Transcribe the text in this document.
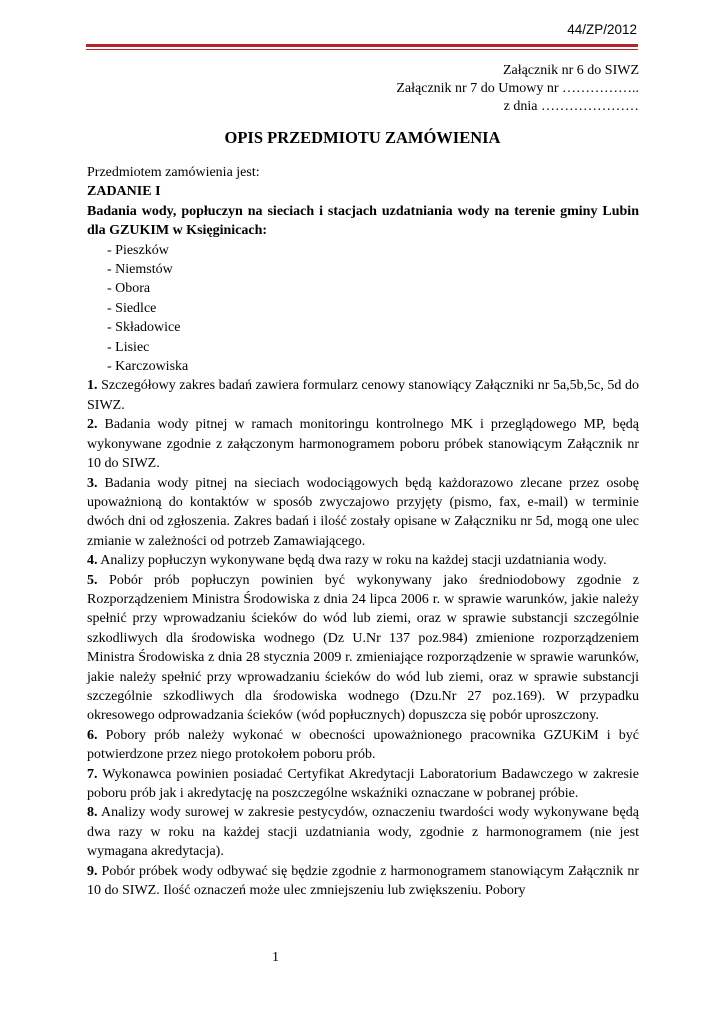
44/ZP/2012
Załącznik nr 6 do SIWZ
Załącznik nr 7 do Umowy nr ……………..
z dnia …………………
OPIS PRZEDMIOTU ZAMÓWIENIA

Przedmiotem zamówienia jest:

ZADANIE I

Badania wody, popłuczyn na sieciach i stacjach uzdatniania wody na terenie gminy Lubin dla GZUKIM w Księginicach:

- Pieszków
- Niemstów
- Obora
- Siedlce
- Składowice
- Lisiec
- Karczowiska

1. Szczegółowy zakres badań zawiera formularz cenowy stanowiący Załączniki nr 5a,5b,5c, 5d do SIWZ.

2. Badania wody pitnej w ramach monitoringu kontrolnego MK i przeglądowego MP, będą wykonywane zgodnie z załączonym harmonogramem poboru próbek stanowiącym Załącznik nr 10 do SIWZ.

3. Badania wody pitnej na sieciach wodociągowych będą każdorazowo zlecane przez osobę upoważnioną do kontaktów w sposób zwyczajowo przyjęty (pismo, fax, e-mail) w terminie dwóch dni od zgłoszenia. Zakres badań i ilość zostały opisane w Załączniku nr 5d, mogą one ulec zmianie w zależności od potrzeb Zamawiającego.

4. Analizy popłuczyn wykonywane będą dwa razy w roku na każdej stacji uzdatniania wody.

5. Pobór prób popłuczyn powinien być wykonywany jako średniodobowy zgodnie z Rozporządzeniem Ministra Środowiska z dnia 24 lipca 2006 r. w sprawie warunków, jakie należy spełnić przy wprowadzaniu ścieków do wód lub ziemi, oraz w sprawie substancji szczególnie szkodliwych dla środowiska wodnego (Dz U.Nr 137 poz.984) zmienione rozporządzeniem Ministra Środowiska z dnia 28 stycznia 2009 r. zmieniające rozporządzenie w sprawie warunków, jakie należy spełnić przy wprowadzaniu ścieków do wód lub ziemi, oraz w sprawie substancji szczególnie szkodliwych dla środowiska wodnego (Dzu.Nr 27 poz.169). W przypadku okresowego odprowadzania ścieków (wód popłucznych) dopuszcza się pobór uproszczony.

6. Pobory prób należy wykonać w obecności upoważnionego pracownika GZUKiM i być potwierdzone przez niego protokołem poboru prób.

7. Wykonawca powinien posiadać Certyfikat Akredytacji Laboratorium Badawczego w zakresie poboru prób jak i akredytację na poszczególne wskaźniki oznaczane w pobranej próbie.

8. Analizy wody surowej w zakresie pestycydów, oznaczeniu twardości wody wykonywane będą dwa razy w roku na każdej stacji uzdatniania wody, zgodnie z harmonogramem (nie jest wymagana akredytacja).

9. Pobór próbek wody odbywać się będzie zgodnie z harmonogramem stanowiącym Załącznik nr 10 do SIWZ. Ilość oznaczeń może ulec zmniejszeniu lub zwiększeniu. Pobory

1
